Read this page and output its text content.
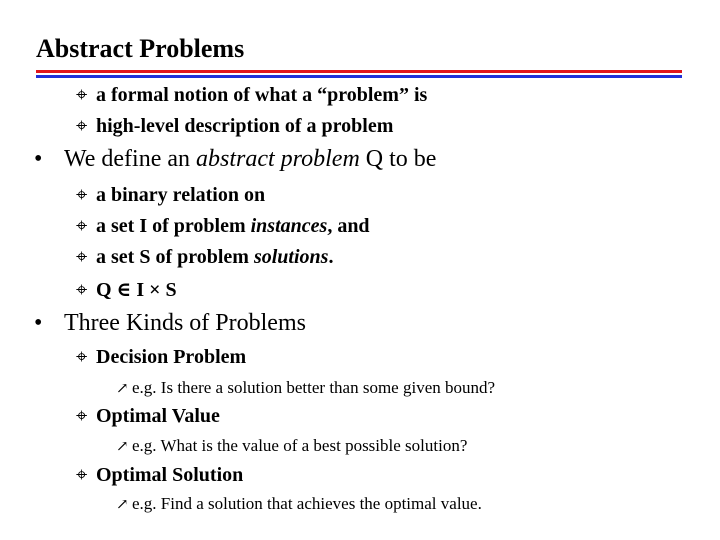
Abstract Problems
⌖ a formal notion of what a “problem” is
⌖ high-level description of a problem
• We define an abstract problem Q to be
⌖ a binary relation on
⌖ a set I of problem instances, and
⌖ a set S of problem solutions.
⌖ Q ∈ I × S
• Three Kinds of Problems
⌖ Decision Problem
↗ e.g. Is there a solution better than some given bound?
⌖ Optimal Value
↗ e.g. What is the value of a best possible solution?
⌖ Optimal Solution
↗ e.g. Find a solution that achieves the optimal value.
